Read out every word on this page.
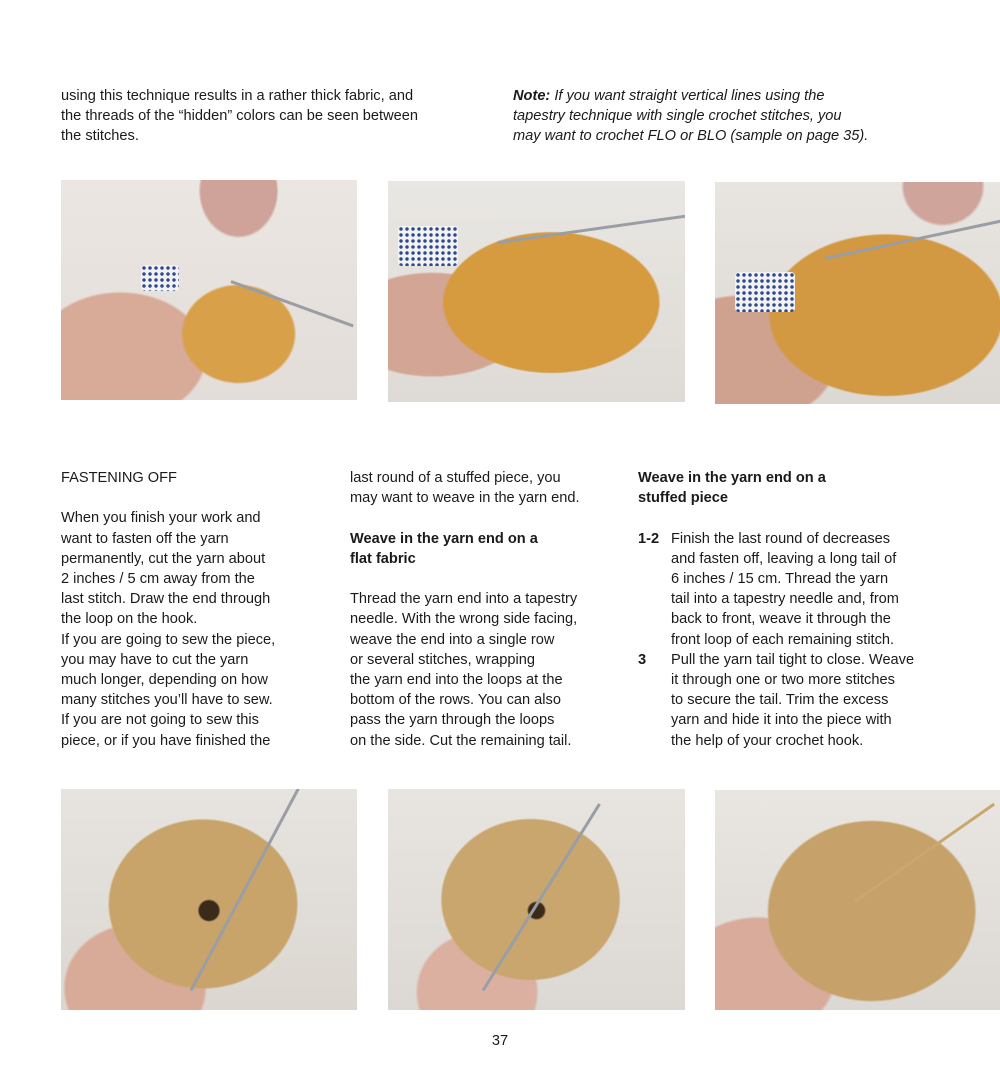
using this technique results in a rather thick fabric, and
the threads of the “hidden” colors can be seen between
the stitches.
Note: If you want straight vertical lines using the
tapestry technique with single crochet stitches, you
may want to crochet FLO or BLO (sample on page 35).
FASTENING OFF
When you finish your work and
want to fasten off the yarn
permanently, cut the yarn about
2 inches / 5 cm away from the
last stitch. Draw the end through
the loop on the hook.
If you are going to sew the piece,
you may have to cut the yarn
much longer, depending on how
many stitches you’ll have to sew.
If you are not going to sew this
piece, or if you have finished the
last round of a stuffed piece, you
may want to weave in the yarn end.
Weave in the yarn end on a
flat fabric
Thread the yarn end into a tapestry
needle. With the wrong side facing,
weave the end into a single row
or several stitches, wrapping
the yarn end into the loops at the
bottom of the rows. You can also
pass the yarn through the loops
on the side. Cut the remaining tail.
Weave in the yarn end on a
stuffed piece
1-2 Finish the last round of decreases
and fasten off, leaving a long tail of
6 inches / 15 cm. Thread the yarn
tail into a tapestry needle and, from
back to front, weave it through the
front loop of each remaining stitch.
3	Pull the yarn tail tight to close. Weave
it through one or two more stitches
to secure the tail. Trim the excess
yarn and hide it into the piece with
the help of your crochet hook.
37
